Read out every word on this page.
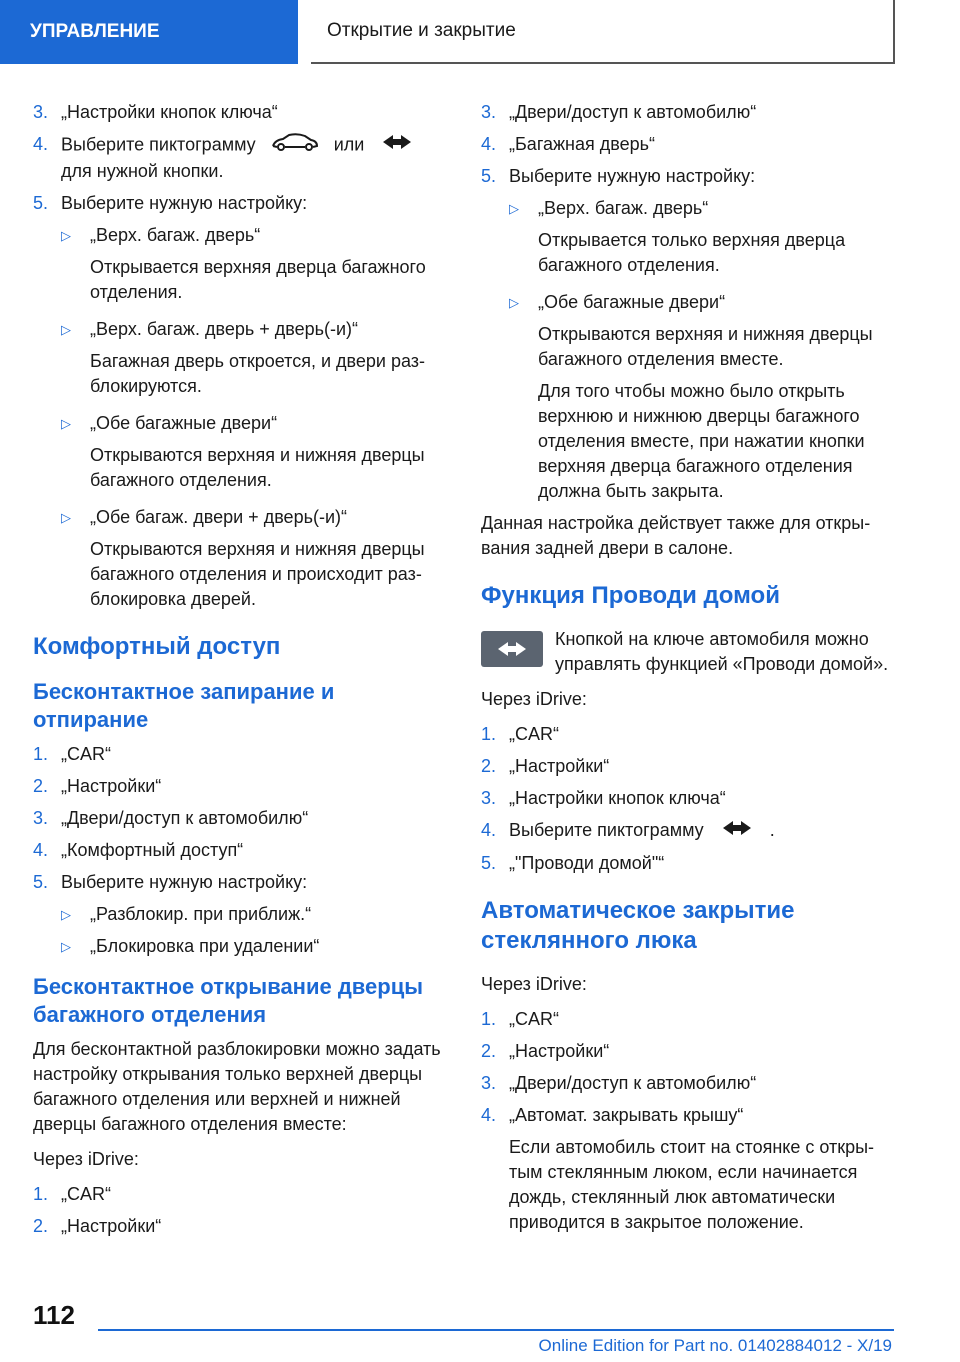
УПРАВЛЕНИЕ	Открытие и закрытие
3. „Настройки кнопок ключа“
4. Выберите пиктограмму	или
для нужной кнопки.
5. Выберите нужную настройку:
▷	„Верх. багаж. дверь“
Открывается верхняя дверца багажного отделения.
▷	„Верх. багаж. дверь + дверь(-и)“
Багажная дверь откроется, и двери разблокируются.
▷	„Обе багажные двери“
Открываются верхняя и нижняя дверцы багажного отделения.
▷	„Обе багаж. двери + дверь(-и)“
Открываются верхняя и нижняя дверцы багажного отделения и происходит разблокировка дверей.
Комфортный доступ
Бесконтактное запирание и отпирание
1. „CAR“
2. „Настройки“
3. „Двери/доступ к автомобилю“
4. „Комфортный доступ“
5. Выберите нужную настройку:
▷	„Разблокир. при приближ.“
▷	„Блокировка при удалении“
Бесконтактное открывание дверцы багажного отделения
Для бесконтактной разблокировки можно задать настройку открывания только верхней дверцы багажного отделения или верхней и нижней дверцы багажного отделения вместе:
Через iDrive:
1. „CAR“
2. „Настройки“
3. „Двери/доступ к автомобилю“
4. „Багажная дверь“
5. Выберите нужную настройку:
▷	„Верх. багаж. дверь“
Открывается только верхняя дверца багажного отделения.
▷	„Обе багажные двери“
Открываются верхняя и нижняя дверцы багажного отделения вместе.
Для того чтобы можно было открыть верхнюю и нижнюю дверцы багажного отделения вместе, при нажатии кнопки верхняя дверца багажного отделения должна быть закрыта.
Данная настройка действует также для открывания задней двери в салоне.
Функция Проводи домой
Кнопкой на ключе автомобиля можно управлять функцией «Проводи домой».
Через iDrive:
1. „CAR“
2. „Настройки“
3. „Настройки кнопок ключа“
4. Выберите пиктограмму	.
5. „"Проводи домой"“
Автоматическое закрытие стеклянного люка
Через iDrive:
1. „CAR“
2. „Настройки“
3. „Двери/доступ к автомобилю“
4. „Автомат. закрывать крышу“
Если автомобиль стоит на стоянке с открытым стеклянным люком, если начинается дождь, стеклянный люк автоматически приводится в закрытое положение.
112
Online Edition for Part no. 01402884012 - X/19
